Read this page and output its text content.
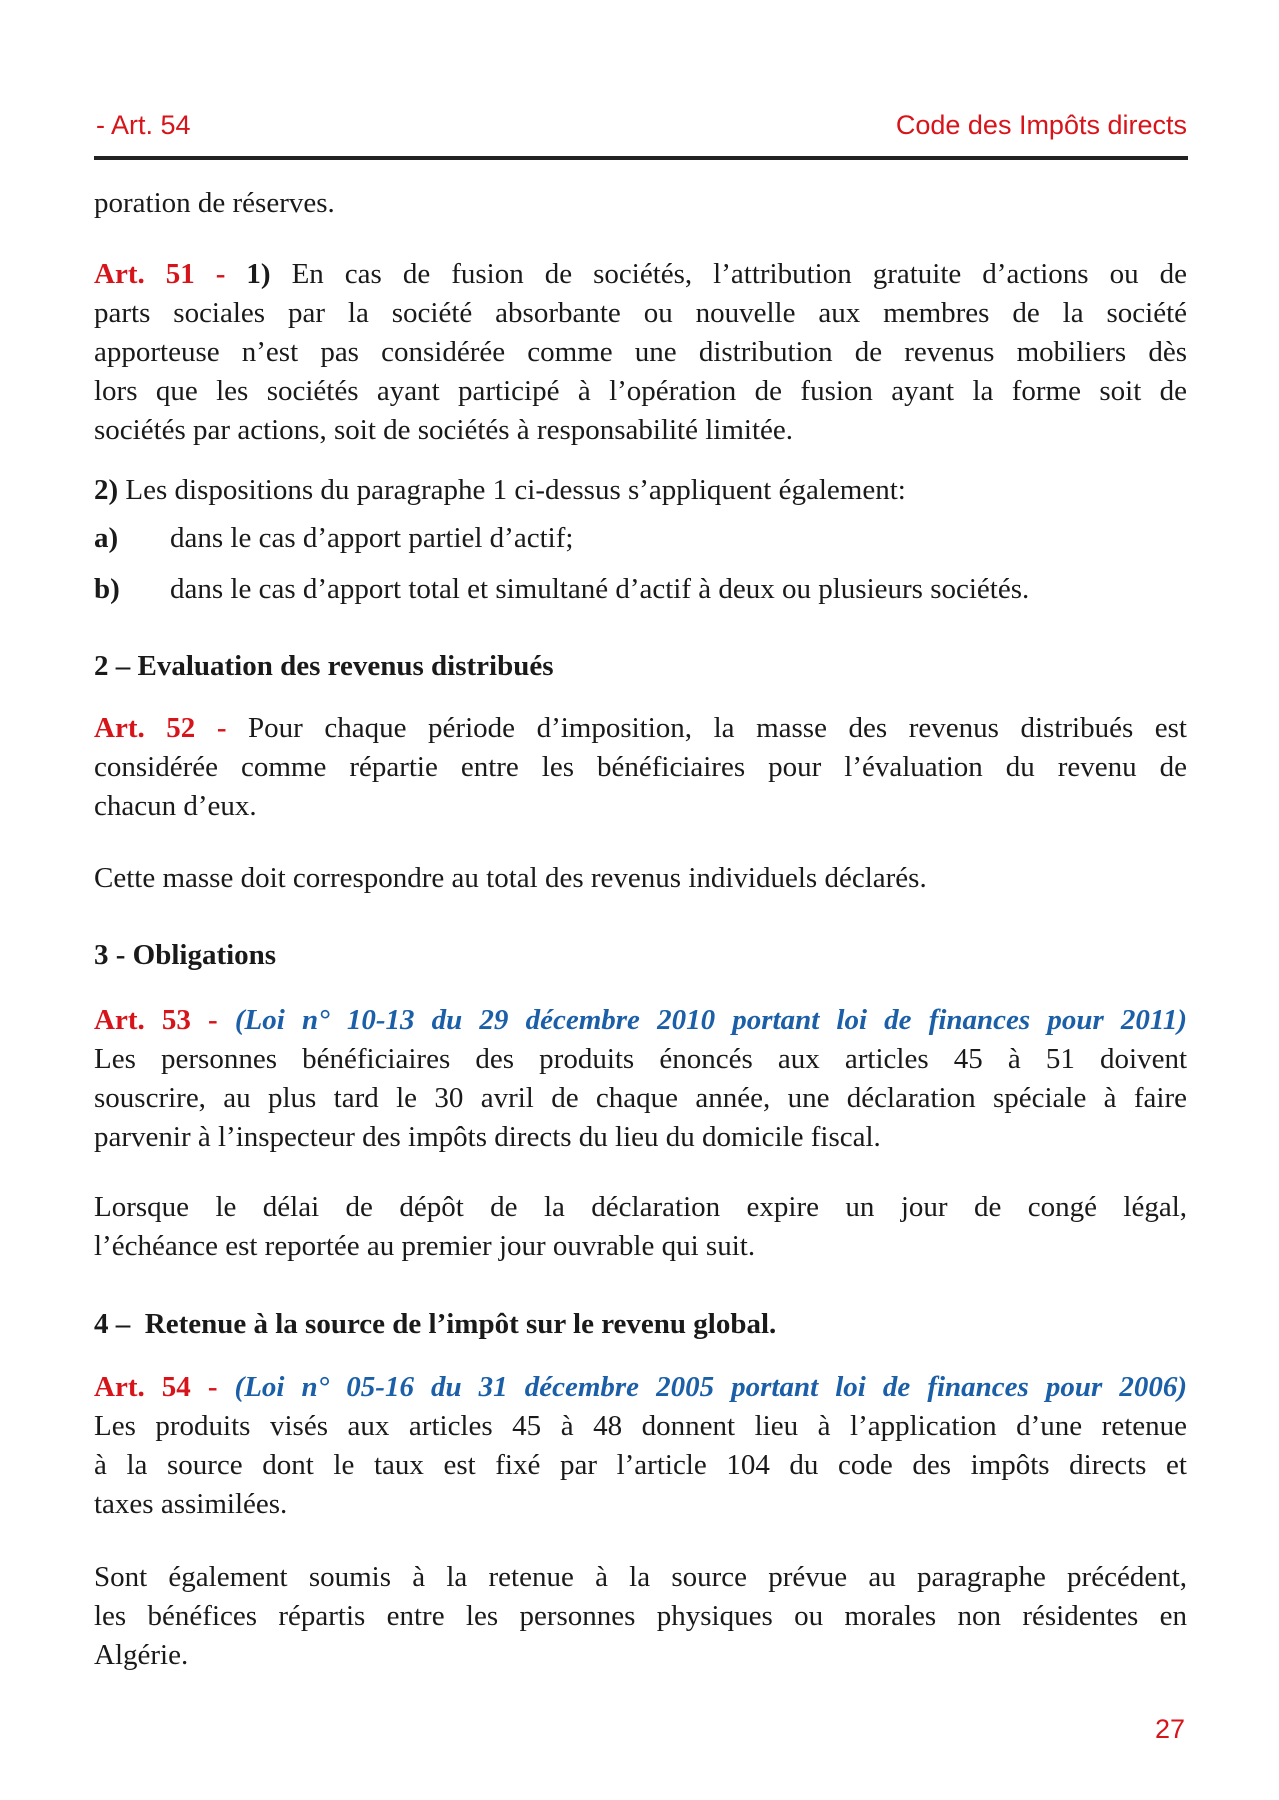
- Art. 54	Code des Impôts directs
poration de réserves.
Art. 51 - 1) En cas de fusion de sociétés, l’attribution gratuite d’actions ou de
parts sociales par la société absorbante ou nouvelle aux membres de la société
apporteuse n’est pas considérée comme une distribution de revenus mobiliers dès
lors que les sociétés ayant participé à l’opération de fusion ayant la forme soit de
sociétés par actions, soit de sociétés à responsabilité limitée.
2) Les dispositions du paragraphe 1 ci-dessus s’appliquent également:
a)	dans le cas d’apport partiel d’actif;
b)	dans le cas d’apport total et simultané d’actif à deux ou plusieurs sociétés.
2 – Evaluation des revenus distribués
Art. 52 - Pour chaque période d’imposition, la masse des revenus distribués est
considérée comme répartie entre les bénéficiaires pour l’évaluation du revenu de
chacun d’eux.
Cette masse doit correspondre au total des revenus individuels déclarés.
3 - Obligations
Art. 53 - (Loi n° 10-13 du 29 décembre 2010 portant loi de finances pour 2011)
Les personnes bénéficiaires des produits énoncés aux articles 45 à 51 doivent
souscrire, au plus tard le 30 avril de chaque année, une déclaration spéciale à faire
parvenir à l’inspecteur des impôts directs du lieu du domicile fiscal.
Lorsque le délai de dépôt de la déclaration expire un jour de congé légal,
l’échéance est reportée au premier jour ouvrable qui suit.
4 –  Retenue à la source de l’impôt sur le revenu global.
Art. 54 - (Loi n° 05-16 du 31 décembre 2005 portant loi de finances pour 2006)
Les produits visés aux articles 45 à 48 donnent lieu à l’application d’une retenue
à la source dont le taux est fixé par l’article 104 du code des impôts directs et
taxes assimilées.
Sont également soumis à la retenue à la source prévue au paragraphe précédent,
les bénéfices répartis entre les personnes physiques ou morales non résidentes en
Algérie.
27
